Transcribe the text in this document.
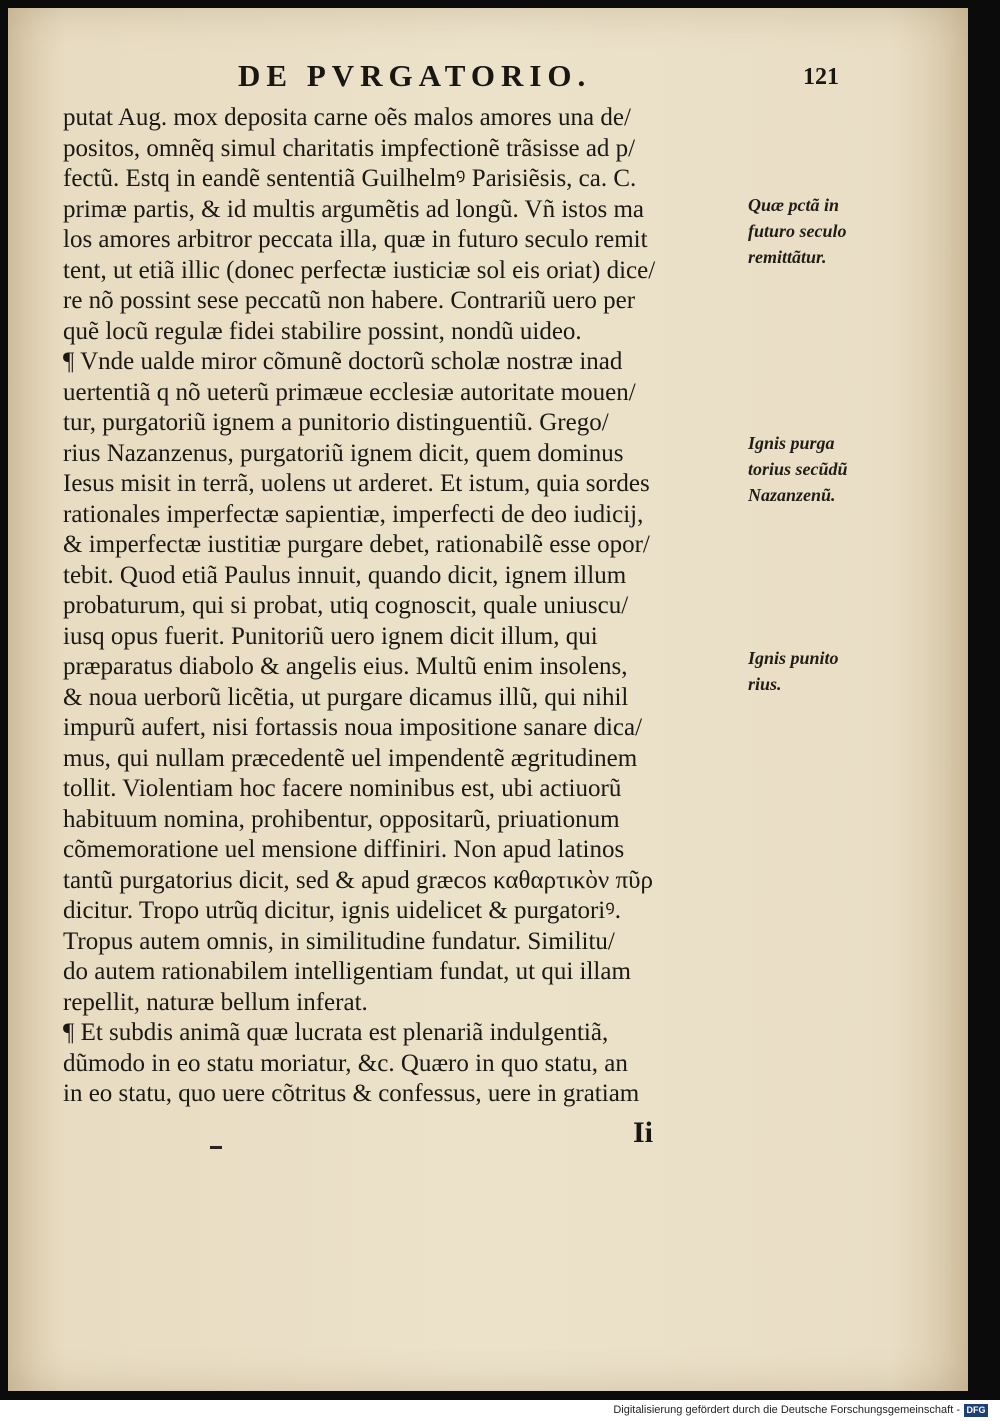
DE PVRGATORIO.	121
putat Aug. mox deposita carne oẽs malos amores una de/
positos, omnẽq simul charitatis impfectionẽ trãsisse ad p/
fectũ. Estq in eandẽ sententiã Guilhelmꝰ Parisiẽsis, ca. C.
primæ partis, & id multis argumẽtis ad longũ. Vñ istos ma
los amores arbitror peccata illa, quæ in futuro seculo remit
tent, ut etiã illic (donec perfectæ iusticiæ sol eis oriat) dice/
re nõ possint sese peccatũ non habere. Contrariũ uero per
quẽ locũ regulæ fidei stabilire possint, nondũ uideo.
¶ Vnde ualde miror cõmunẽ doctorũ scholæ nostræ inad
uertentiã q nõ ueterũ primæue ecclesiæ autoritate mouen/
tur, purgatoriũ ignem a punitorio distinguentiũ. Grego/
rius Nazanzenus, purgatoriũ ignem dicit, quem dominus
Iesus misit in terrã, uolens ut arderet. Et istum, quia sordes
rationales imperfectæ sapientiæ, imperfecti de deo iudicij,
& imperfectæ iustitiæ purgare debet, rationabilẽ esse opor/
tebit. Quod etiã Paulus innuit, quando dicit, ignem illum
probaturum, qui si probat, utiq cognoscit, quale uniuscu/
iusq opus fuerit. Punitoriũ uero ignem dicit illum, qui
præparatus diabolo & angelis eius. Multũ enim insolens,
& noua uerborũ licẽtia, ut purgare dicamus illũ, qui nihil
impurũ aufert, nisi fortassis noua impositione sanare dica/
mus, qui nullam præcedentẽ uel impendentẽ ægritudinem
tollit. Violentiam hoc facere nominibus est, ubi actiuorũ
habituum nomina, prohibentur, oppositarũ, priuationum
cõmemoratione uel mensione diffiniri. Non apud latinos
tantũ purgatorius dicit, sed & apud græcos καθαρτικὸν πῦρ
dicitur. Tropo utrũq dicitur, ignis uidelicet & purgatoriꝰ.
Tropus autem omnis, in similitudine fundatur. Similitu/
do autem rationabilem intelligentiam fundat, ut qui illam
repellit, naturæ bellum inferat.
¶ Et subdis animã quæ lucrata est plenariã indulgentiã,
dũmodo in eo statu moriatur, &c. Quæro in quo statu, an
in eo statu, quo uere cõtritus & confessus, uere in gratiam
Quæ pctã in
futuro seculo
remittãtur.
Ignis purga
torius secũdũ
Nazanzenũ.
Ignis punito
rius.
Ii
Digitalisierung gefördert durch die Deutsche Forschungsgemeinschaft - DFG
